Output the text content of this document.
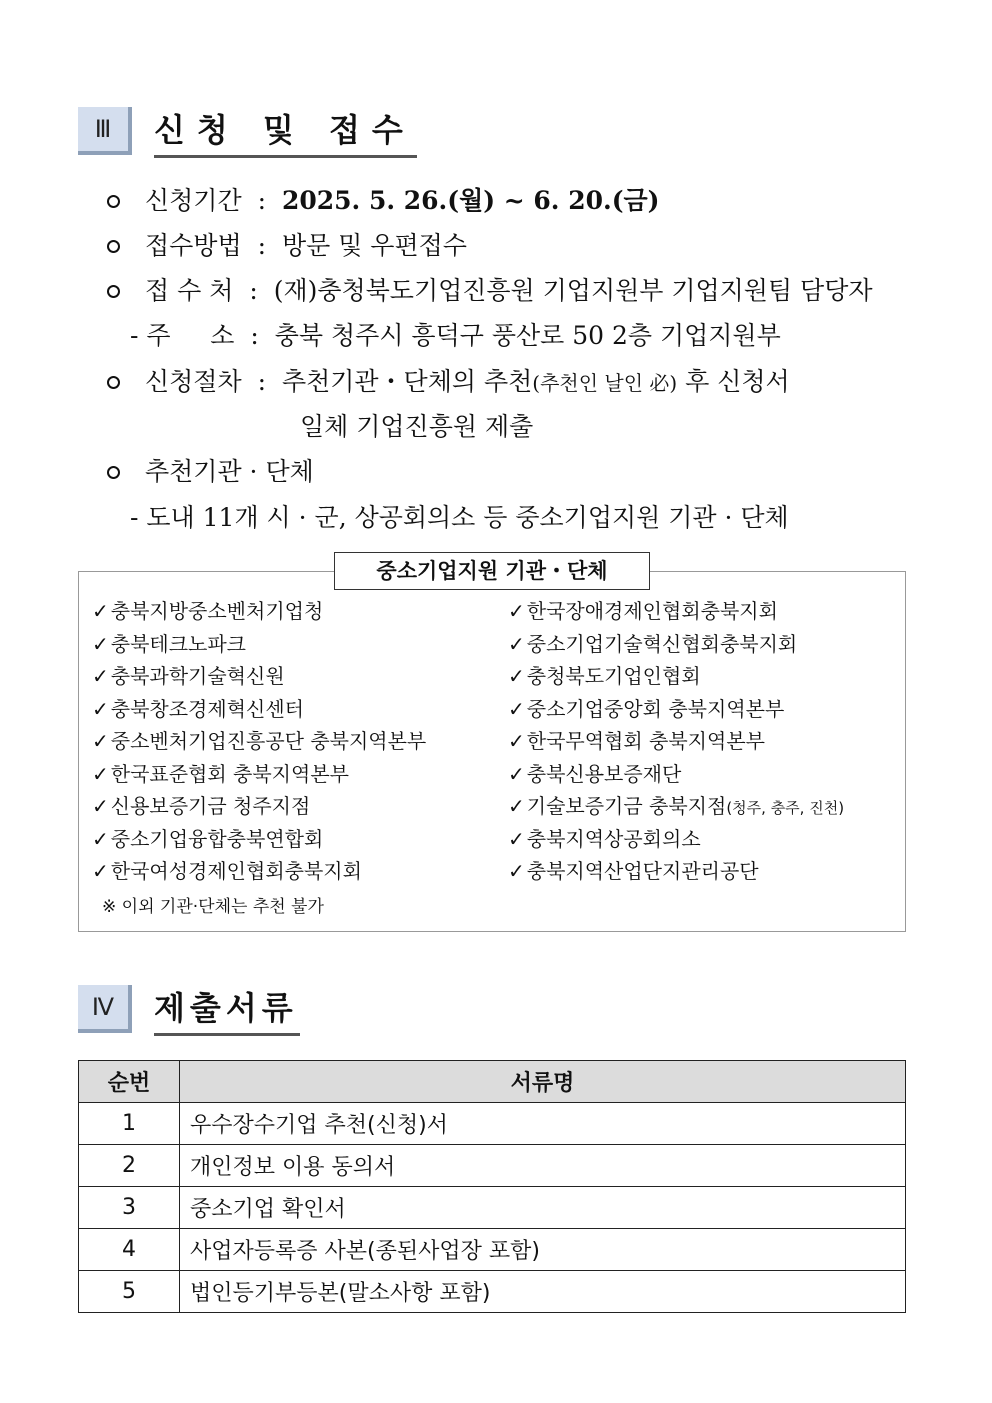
Ⅲ	신청 및 접수
신청기간 : 2025. 5. 26.(월) ~ 6. 20.(금)
접수방법 : 방문 및 우편접수
접 수 처 : (재)충청북도기업진흥원 기업지원부 기업지원팀 담당자
- 주     소 : 충북 청주시 흥덕구 풍산로 50 2층 기업지원부
신청절차 : 추천기관・단체의 추천(추천인 날인 必) 후 신청서
일체 기업진흥원 제출
추천기관 · 단체
- 도내 11개 시 · 군, 상공회의소 등 중소기업지원 기관 · 단체
중소기업지원 기관・단체
✓ 충북지방중소벤처기업청
✓ 충북테크노파크
✓ 충북과학기술혁신원
✓ 충북창조경제혁신센터
✓ 중소벤처기업진흥공단 충북지역본부
✓ 한국표준협회 충북지역본부
✓ 신용보증기금 청주지점
✓ 중소기업융합충북연합회
✓ 한국여성경제인협회충북지회
✓ 한국장애경제인협회충북지회
✓ 중소기업기술혁신협회충북지회
✓ 충청북도기업인협회
✓ 중소기업중앙회 충북지역본부
✓ 한국무역협회 충북지역본부
✓ 충북신용보증재단
✓ 기술보증기금 충북지점(청주, 충주, 진천)
✓ 충북지역상공회의소
✓ 충북지역산업단지관리공단
※ 이외 기관·단체는 추천 불가
Ⅳ	제출서류
순번	서류명
1	우수장수기업 추천(신청)서
2	개인정보 이용 동의서
3	중소기업 확인서
4	사업자등록증 사본(종된사업장 포함)
5	법인등기부등본(말소사항 포함)
